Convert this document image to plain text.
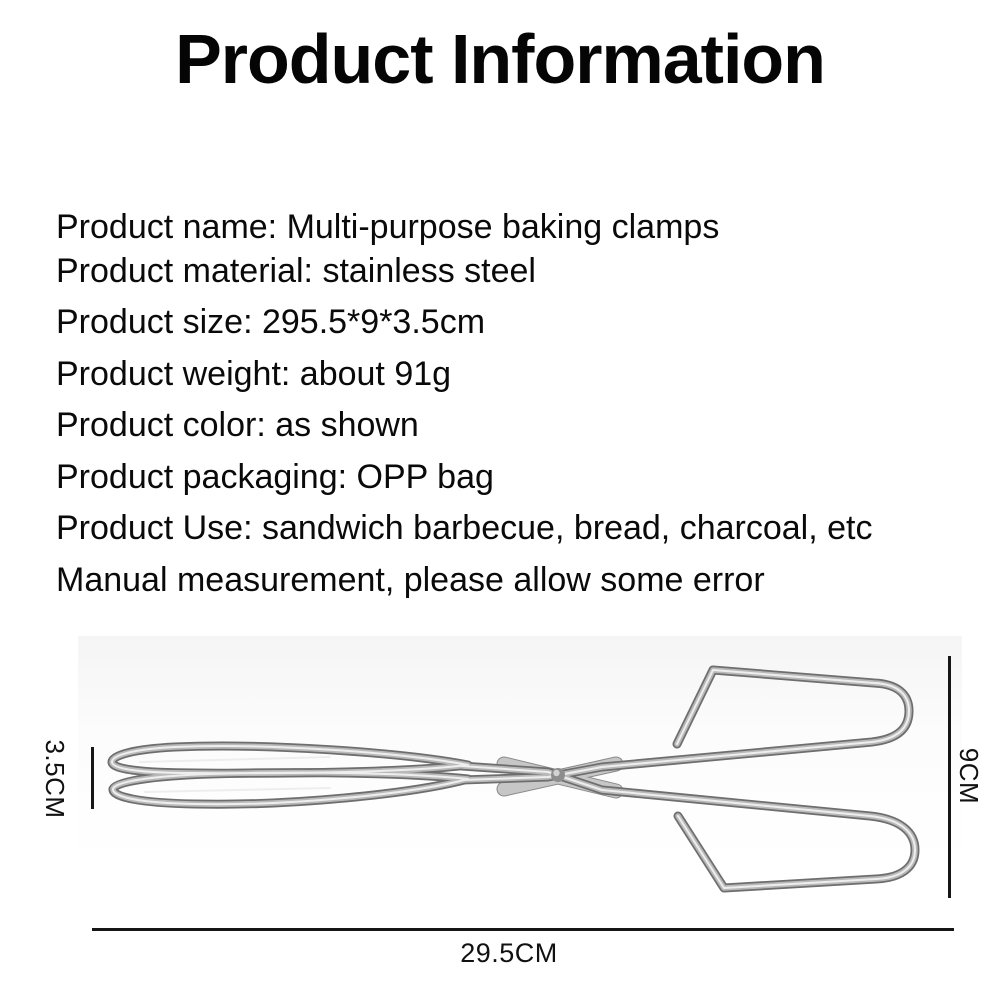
Product Information
Product name: Multi-purpose baking clamps
Product material: stainless steel
Product size: 295.5*9*3.5cm
Product weight: about 91g
Product color: as shown
Product packaging: OPP bag
Product Use: sandwich barbecue, bread, charcoal, etc
Manual measurement, please allow some error
3.5CM	9CM
29.5CM
